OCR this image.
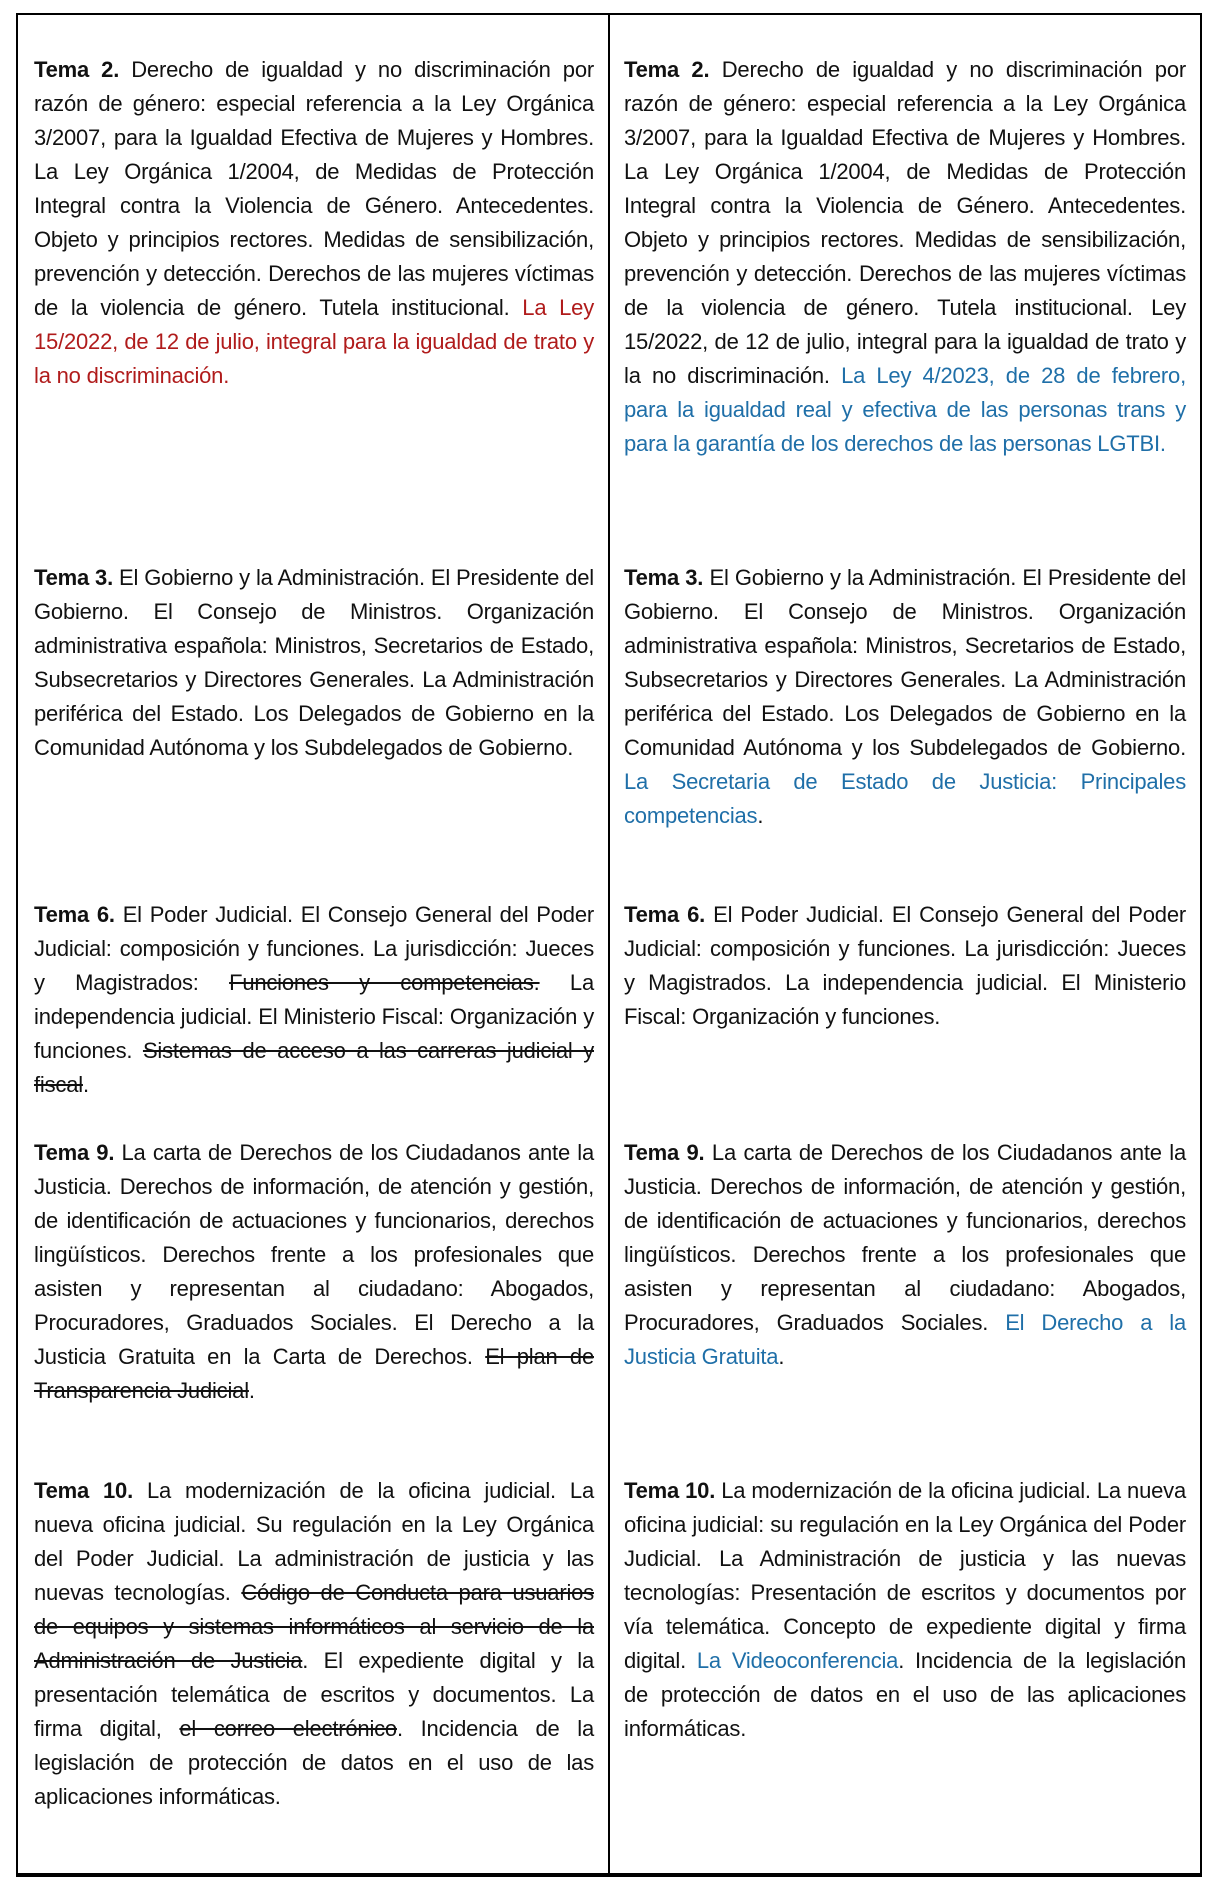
Tema 2. Derecho de igualdad y no discriminación por razón de género: especial referencia a la Ley Orgánica 3/2007, para la Igualdad Efectiva de Mujeres y Hombres. La Ley Orgánica 1/2004, de Medidas de Protección Integral contra la Violencia de Género. Antecedentes. Objeto y principios rectores. Medidas de sensibilización, prevención y detección. Derechos de las mujeres víctimas de la violencia de género. Tutela institucional. La Ley 15/2022, de 12 de julio, integral para la igualdad de trato y la no discriminación.
Tema 3. El Gobierno y la Administración. El Presidente del Gobierno. El Consejo de Ministros. Organización administrativa española: Ministros, Secretarios de Estado, Subsecretarios y Directores Generales. La Administración periférica del Estado. Los Delegados de Gobierno en la Comunidad Autónoma y los Subdelegados de Gobierno.
Tema 6. El Poder Judicial. El Consejo General del Poder Judicial: composición y funciones. La jurisdicción: Jueces y Magistrados: Funciones y competencias. La independencia judicial. El Ministerio Fiscal: Organización y funciones. Sistemas de acceso a las carreras judicial y fiscal.
Tema 9. La carta de Derechos de los Ciudadanos ante la Justicia. Derechos de información, de atención y gestión, de identificación de actuaciones y funcionarios, derechos lingüísticos. Derechos frente a los profesionales que asisten y representan al ciudadano: Abogados, Procuradores, Graduados Sociales. El Derecho a la Justicia Gratuita en la Carta de Derechos. El plan de Transparencia Judicial.
Tema 10. La modernización de la oficina judicial. La nueva oficina judicial. Su regulación en la Ley Orgánica del Poder Judicial. La administración de justicia y las nuevas tecnologías. Código de Conducta para usuarios de equipos y sistemas informáticos al servicio de la Administración de Justicia. El expediente digital y la presentación telemática de escritos y documentos. La firma digital, el correo electrónico. Incidencia de la legislación de protección de datos en el uso de las aplicaciones informáticas.
Tema 2. Derecho de igualdad y no discriminación por razón de género: especial referencia a la Ley Orgánica 3/2007, para la Igualdad Efectiva de Mujeres y Hombres. La Ley Orgánica 1/2004, de Medidas de Protección Integral contra la Violencia de Género. Antecedentes. Objeto y principios rectores. Medidas de sensibilización, prevención y detección. Derechos de las mujeres víctimas de la violencia de género. Tutela institucional. Ley 15/2022, de 12 de julio, integral para la igualdad de trato y la no discriminación. La Ley 4/2023, de 28 de febrero, para la igualdad real y efectiva de las personas trans y para la garantía de los derechos de las personas LGTBI.
Tema 3. El Gobierno y la Administración. El Presidente del Gobierno. El Consejo de Ministros. Organización administrativa española: Ministros, Secretarios de Estado, Subsecretarios y Directores Generales. La Administración periférica del Estado. Los Delegados de Gobierno en la Comunidad Autónoma y los Subdelegados de Gobierno. La Secretaria de Estado de Justicia: Principales competencias.
Tema 6. El Poder Judicial. El Consejo General del Poder Judicial: composición y funciones. La jurisdicción: Jueces y Magistrados. La independencia judicial. El Ministerio Fiscal: Organización y funciones.
Tema 9. La carta de Derechos de los Ciudadanos ante la Justicia. Derechos de información, de atención y gestión, de identificación de actuaciones y funcionarios, derechos lingüísticos. Derechos frente a los profesionales que asisten y representan al ciudadano: Abogados, Procuradores, Graduados Sociales. El Derecho a la Justicia Gratuita.
Tema 10. La modernización de la oficina judicial. La nueva oficina judicial: su regulación en la Ley Orgánica del Poder Judicial. La Administración de justicia y las nuevas tecnologías: Presentación de escritos y documentos por vía telemática. Concepto de expediente digital y firma digital. La Videoconferencia. Incidencia de la legislación de protección de datos en el uso de las aplicaciones informáticas.
